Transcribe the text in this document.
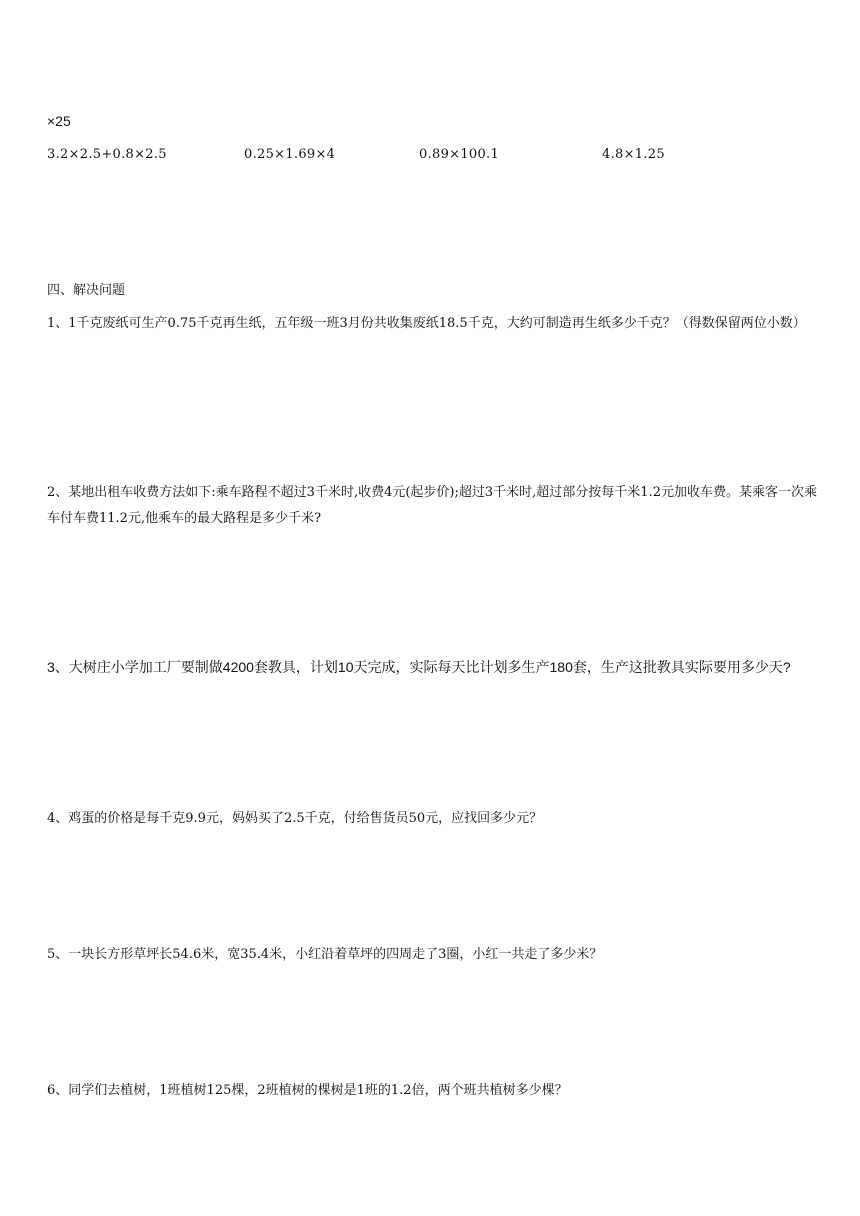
×25
3.2×2.5+0.8×2.5	0.25×1.69×4	0.89×100.1	4.8×1.25
四、解决问题
1、1千克废纸可生产0.75千克再生纸，五年级一班3月份共收集废纸18.5千克，大约可制造再生纸多少千克？（得数保留两位小数）
2、某地出租车收费方法如下:乘车路程不超过3千米时,收费4元(起步价);超过3千米时,超过部分按每千米1.2元加收车费。某乘客一次乘车付车费11.2元,他乘车的最大路程是多少千米?
3、大树庄小学加工厂要制做4200套教具，计划10天完成，实际每天比计划多生产180套，生产这批教具实际要用多少天?
4、鸡蛋的价格是每千克9.9元，妈妈买了2.5千克，付给售货员50元，应找回多少元？
5、一块长方形草坪长54.6米，宽35.4米，小红沿着草坪的四周走了3圈，小红一共走了多少米？
6、同学们去植树，1班植树125棵，2班植树的棵树是1班的1.2倍，两个班共植树多少棵？
